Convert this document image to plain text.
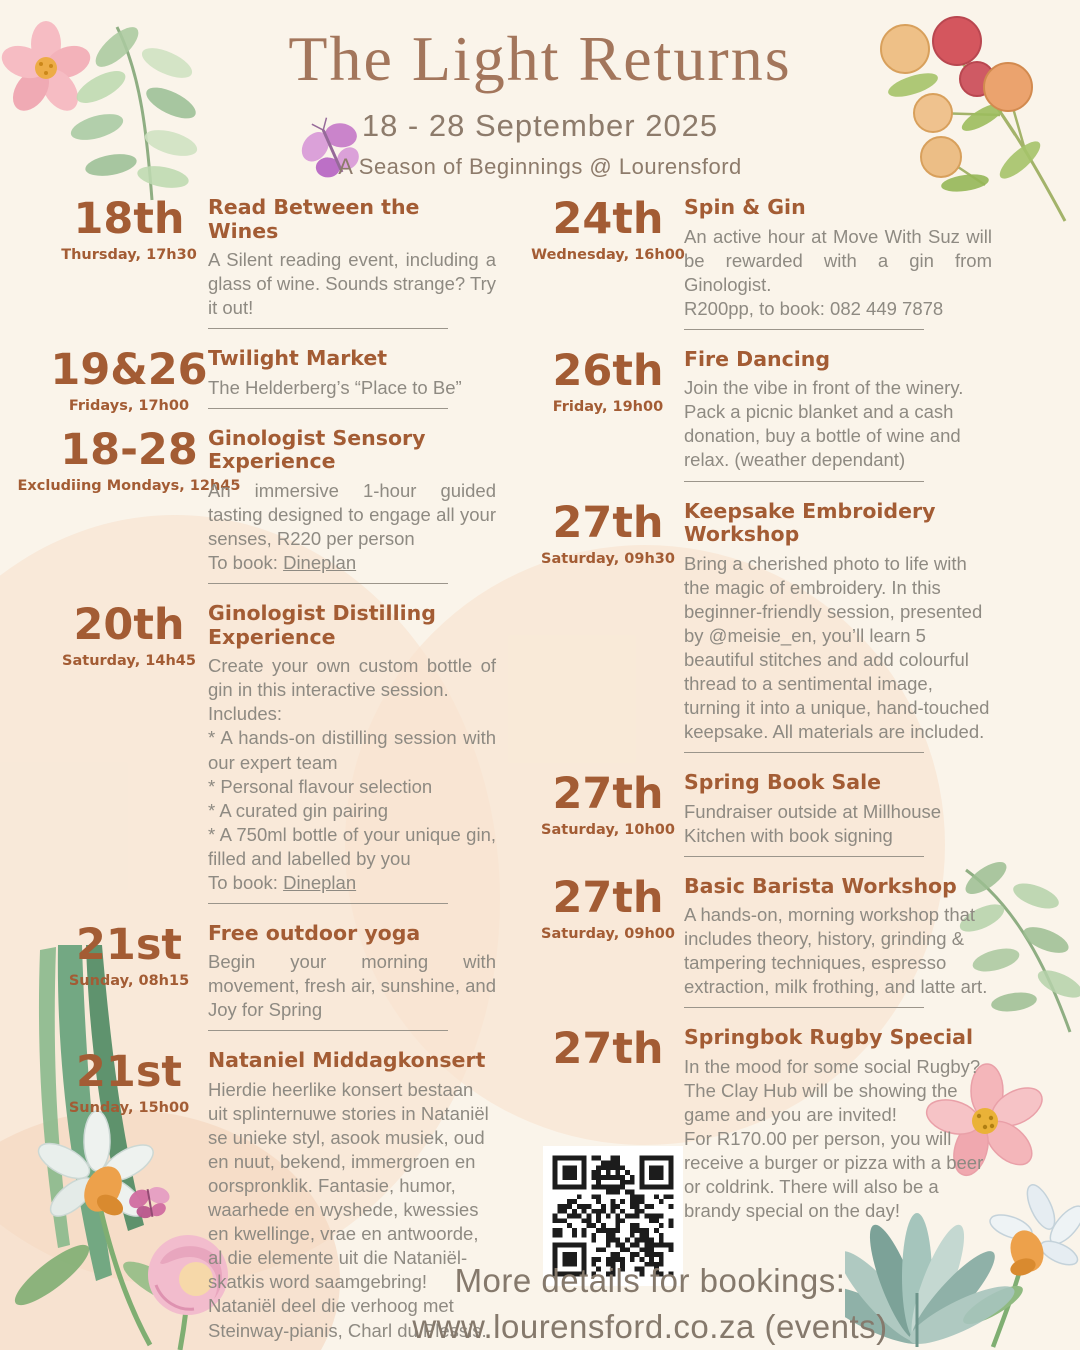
The Light Returns
18 - 28 September 2025
A Season of Beginnings @ Lourensford
18th
Thursday, 17h30
Read Between the Wines

A Silent reading event, including a glass of wine. Sounds strange? Try it out!

19&26
Fridays, 17h00
Twilight Market

The Helderberg’s “Place to Be”

18-28
Excludiing Mondays, 12h45
Ginologist Sensory Experience

An immersive 1-hour guided tasting designed to engage all your senses, R220 per person

To book: Dineplan
20th
Saturday, 14h45
Ginologist Distilling Experience

Create your own custom bottle of gin in this interactive session.

Includes:

* A hands-on distilling session with our expert team

* Personal flavour selection

* A curated gin pairing

* A 750ml bottle of your unique gin, filled and labelled by you

To book: Dineplan
21st
Sunday, 08h15
Free outdoor yoga

Begin your morning with movement, fresh air, sunshine, and Joy for Spring

21st
Sunday, 15h00
Nataniel Middagkonsert

Hierdie heerlike konsert bestaan uit splinternuwe stories in Nataniël se unieke styl, asook musiek, oud en nuut, bekend, immergroen en oorspronklik. Fantasie, humor, waarhede en wyshede, kwessies en kwellinge, vrae en antwoorde, al die elemente uit die Nataniël-skatkis word saamgebring! Nataniël deel die verhoog met Steinway-pianis, Charl du Plessis.

24th
Wednesday, 16h00
Spin & Gin

An active hour at Move With Suz will be rewarded with a gin from Ginologist.

R200pp, to book: 082 449 7878

26th
Friday, 19h00
Fire Dancing

Join the vibe in front of the winery. Pack a picnic blanket and a cash donation, buy a bottle of wine and relax. (weather dependant)

27th
Saturday, 09h30
Keepsake Embroidery Workshop

Bring a cherished photo to life with the magic of embroidery. In this beginner-friendly session, presented by @meisie_en, you’ll learn 5 beautiful stitches and add colourful thread to a sentimental image, turning it into a unique, hand-touched keepsake. All materials are included.

27th
Saturday, 10h00
Spring Book Sale

Fundraiser outside at Millhouse Kitchen with book signing

27th
Saturday, 09h00
Basic Barista Workshop

A hands-on, morning workshop that includes theory, history, grinding & tampering techniques, espresso extraction, milk frothing, and latte art.

27th	Springbok Rugby Special

In the mood for some social Rugby? The Clay Hub will be showing the game and you are invited!

For R170.00 per person, you will receive a burger or pizza with a beer or coldrink. There will also be a brandy special on the day!

More details for bookings:
www.lourensford.co.za (events)
